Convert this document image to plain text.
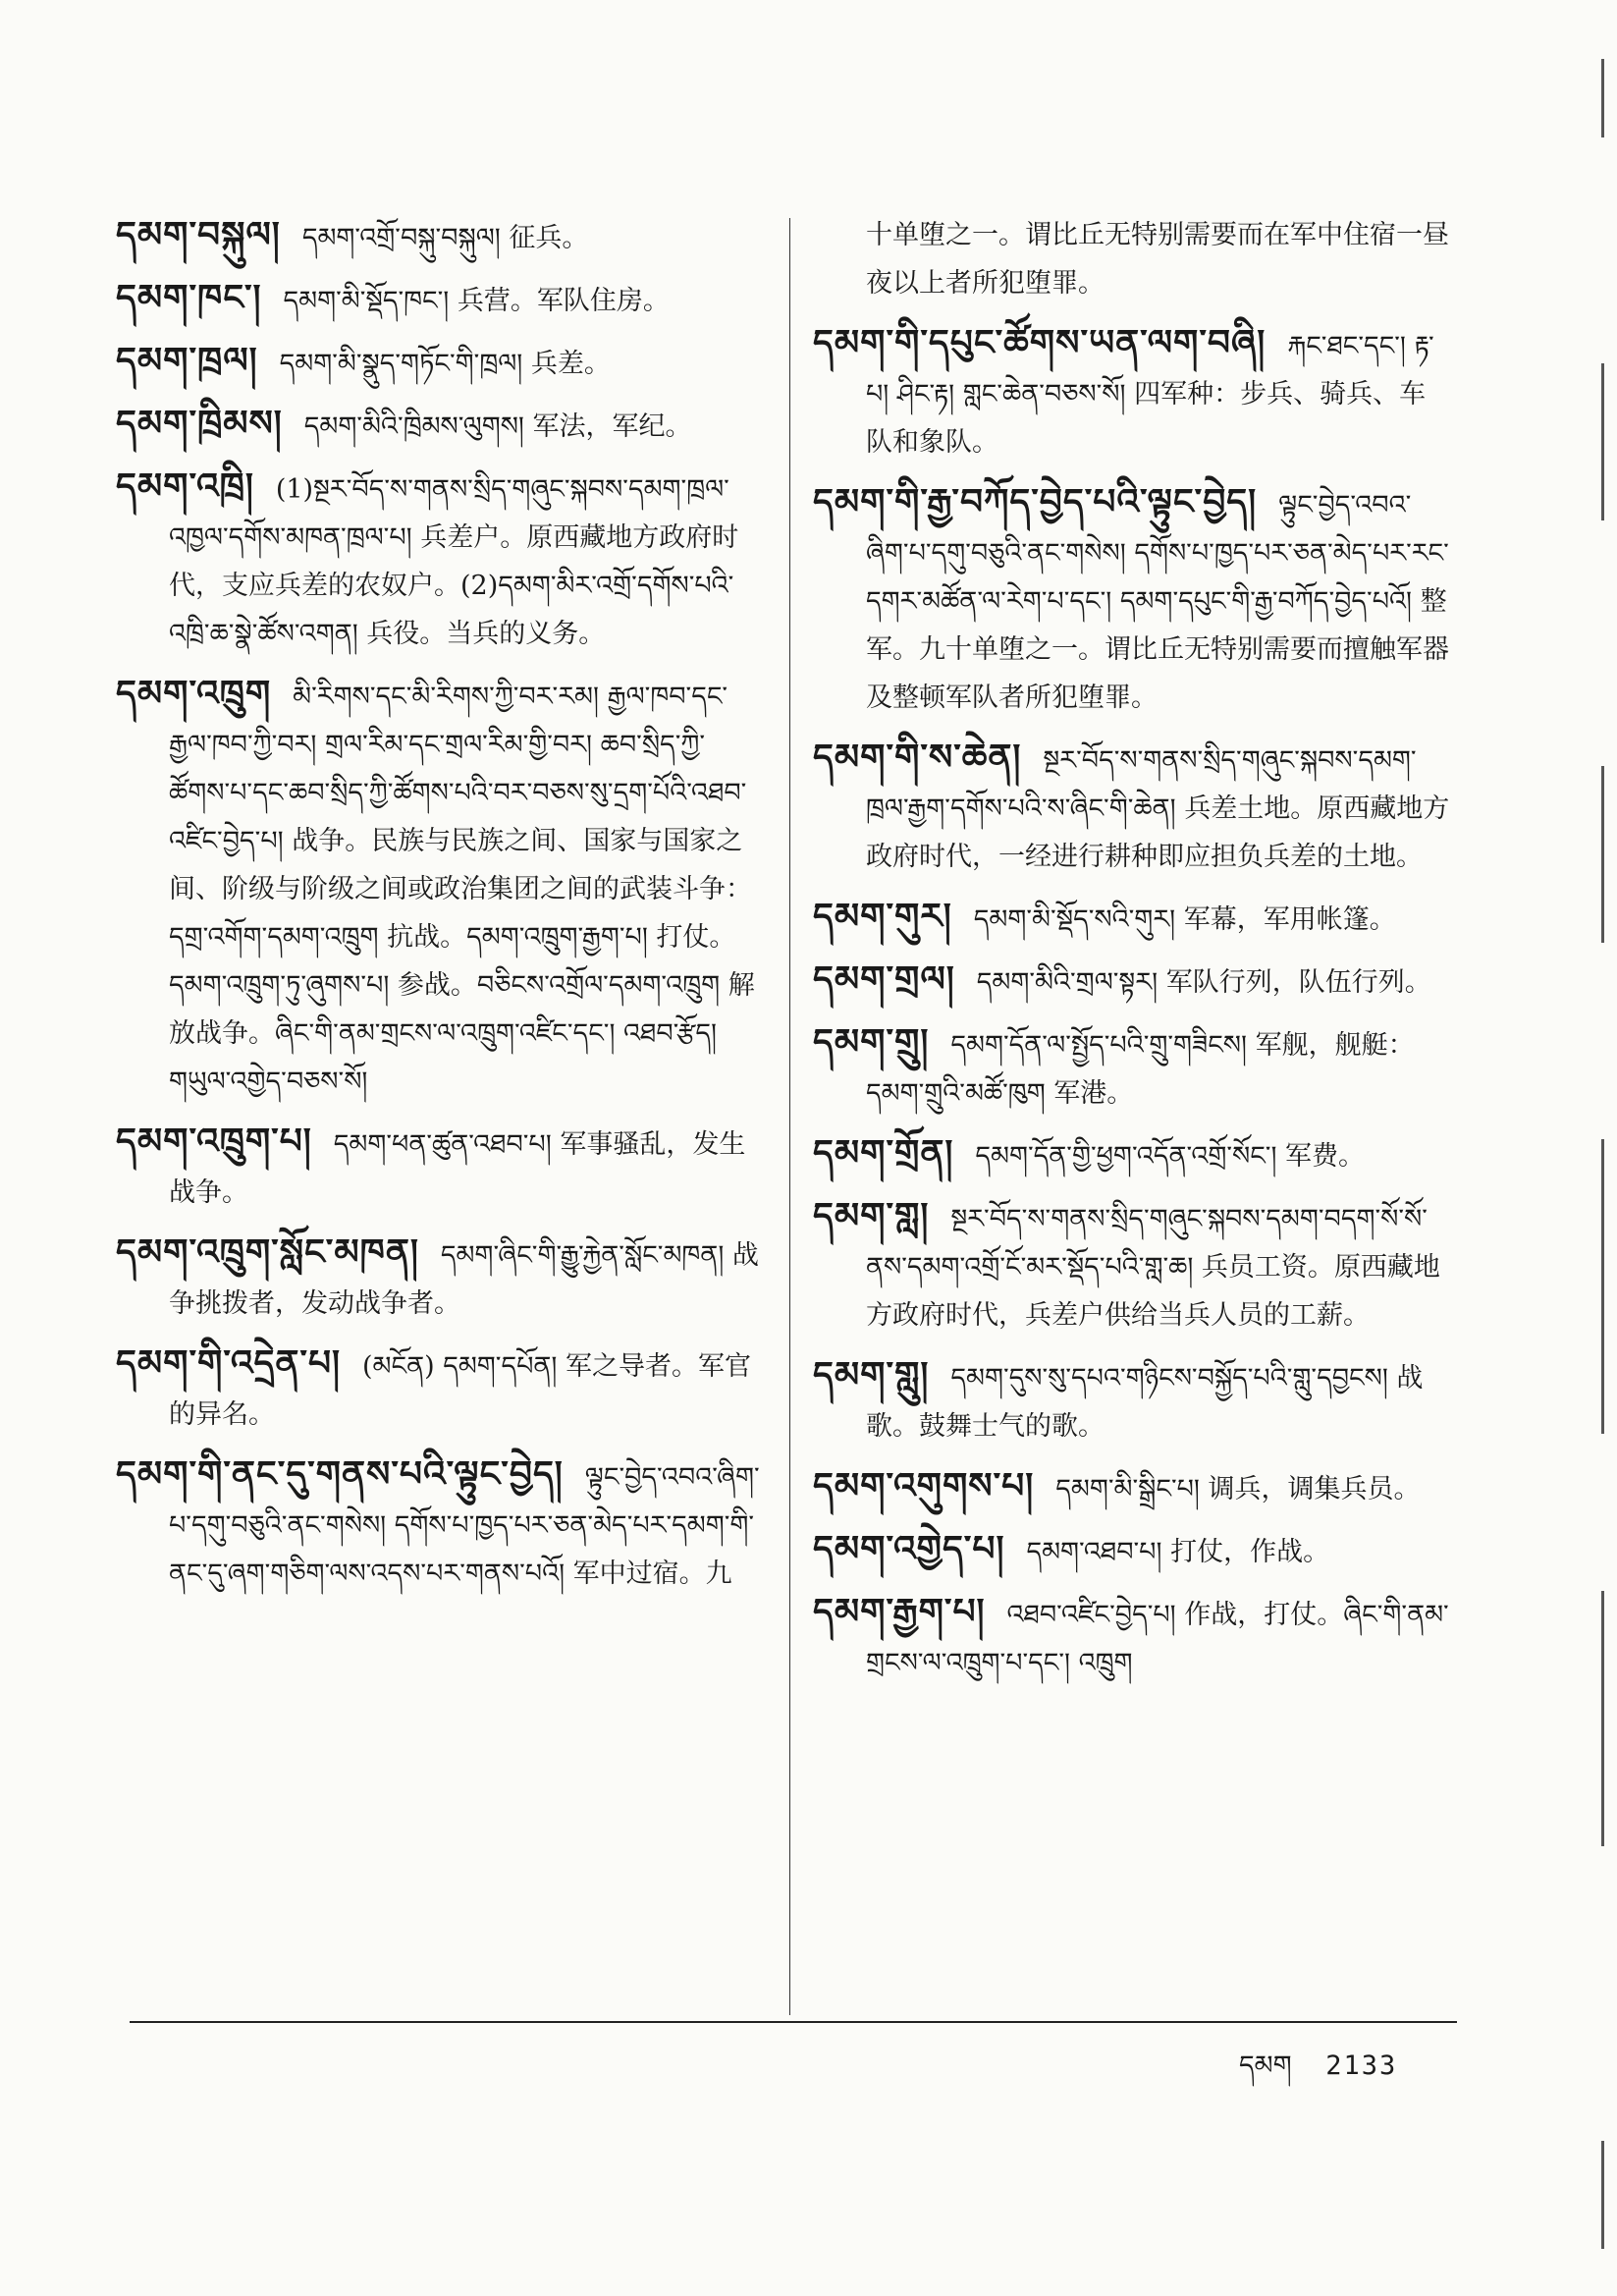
དམག་བསྐུལ། དམག་འགྲོ་བསྐུ་བསྐུལ། 征兵。
དམག་ཁང་། དམག་མི་སྡོད་ཁང་། 兵营。军队住房。
དམག་ཁྲལ། དམག་མི་སྣུད་གཏོང་གི་ཁྲལ། 兵差。
དམག་ཁྲིམས། དམག་མིའི་ཁྲིམས་ལུགས། 军法，军纪。
དམག་འཁྲི། (1)སྔར་བོད་ས་གནས་སྲིད་གཞུང་སྐབས་དམག་ཁྲལ་འཁྱལ་དགོས་མཁན་ཁྲལ་པ། 兵差户。原西藏地方政府时代，支应兵差的农奴户。(2)དམག་མིར་འགྲོ་དགོས་པའི་འཁྲི་ཆ་སྣེ་ཚོས་འགན། 兵役。当兵的义务。
དམག་འཁྲུག མི་རིགས་དང་མི་རིགས་ཀྱི་བར་རམ། རྒྱལ་ཁབ་དང་རྒྱལ་ཁབ་ཀྱི་བར། གྲལ་རིམ་དང་གྲལ་རིམ་གྱི་བར། ཆབ་སྲིད་ཀྱི་ཚོགས་པ་དང་ཆབ་སྲིད་ཀྱི་ཚོགས་པའི་བར་བཅས་སུ་དྲག་པོའི་འཐབ་འཛིང་བྱེད་པ། 战争。民族与民族之间、国家与国家之间、阶级与阶级之间或政治集团之间的武装斗争：དགྲ་འགོག་དམག་འཁྲུག 抗战。དམག་འཁྲུག་རྒྱག་པ། 打仗。དམག་འཁྲུག་ཏུ་ཞུགས་པ། 参战。བཅིངས་འགྲོལ་དམག་འཁྲུག 解放战争。ཞིང་གི་ནམ་གྲངས་ལ་འཁྲུག་འཛིང་དང་། འཐབ་རྩོད། གཡུལ་འགྱེད་བཅས་སོ།
དམག་འཁྲུག་པ། དམག་ཕན་ཚུན་འཐབ་པ། 军事骚乱，发生战争。
དམག་འཁྲུག་སློང་མཁན། དམག་ཞིང་གི་རྒྱུ་རྐྱེན་སློང་མཁན། 战争挑拨者，发动战争者。
དམག་གི་འདྲེན་པ། (མངོན) དམག་དཔོན། 军之导者。军官的异名。
དམག་གི་ནང་དུ་གནས་པའི་ལྟུང་བྱེད། ལྟུང་བྱེད་འབའ་ཞིག་པ་དགུ་བཅུའི་ནང་གསེས། དགོས་པ་ཁྱད་པར་ཅན་མེད་པར་དམག་གི་ནང་དུ་ཞག་གཅིག་ལས་འདས་པར་གནས་པའོ། 军中过宿。九
十单堕之一。谓比丘无特别需要而在军中住宿一昼夜以上者所犯堕罪。
དམག་གི་དཔུང་ཚོགས་ཡན་ལག་བཞི། རྐང་ཐང་དང་། རྟ་པ། ཤིང་རྟ། གླང་ཆེན་བཅས་སོ། 四军种：步兵、骑兵、车队和象队。
དམག་གི་རྒྱ་བཀོད་བྱེད་པའི་ལྟུང་བྱེད། ལྟུང་བྱེད་འབའ་ཞིག་པ་དགུ་བཅུའི་ནང་གསེས། དགོས་པ་ཁྱད་པར་ཅན་མེད་པར་རང་དགར་མཚོན་ལ་རེག་པ་དང་། དམག་དཔུང་གི་རྒྱ་བཀོད་བྱེད་པའོ། 整军。九十单堕之一。谓比丘无特别需要而擅触军器及整顿军队者所犯堕罪。
དམག་གི་ས་ཆེན། སྔར་བོད་ས་གནས་སྲིད་གཞུང་སྐབས་དམག་ཁྲལ་རྒྱག་དགོས་པའི་ས་ཞིང་གི་ཆེན། 兵差土地。原西藏地方政府时代，一经进行耕种即应担负兵差的土地。
དམག་གུར། དམག་མི་སྡོད་སའི་གུར། 军幕，军用帐篷。
དམག་གྲལ། དམག་མིའི་གྲལ་སྟར། 军队行列，队伍行列。
དམག་གྲུ། དམག་དོན་ལ་སྤྱོད་པའི་གྲུ་གཟིངས། 军舰，舰艇：དམག་གྲུའི་མཚོ་ཁུག 军港。
དམག་གྲོན། དམག་དོན་གྱི་ཕྱག་འདོན་འགྲོ་སོང་། 军费。
དམག་གླ། སྔར་བོད་ས་གནས་སྲིད་གཞུང་སྐབས་དམག་བདག་སོ་སོ་ནས་དམག་འགྲོ་ངོ་མར་སྡོད་པའི་གླ་ཆ། 兵员工资。原西藏地方政府时代，兵差户供给当兵人员的工薪。
དམག་གླུ། དམག་དུས་སུ་དཔའ་གཉིངས་བསྐྱོད་པའི་གླུ་དབྱངས། 战歌。鼓舞士气的歌。
དམག་འགུགས་པ། དམག་མི་སྒྲིང་པ། 调兵，调集兵员。
དམག་འགྱེད་པ། དམག་འཐབ་པ། 打仗，作战。
དམག་རྒྱག་པ། འཐབ་འཛིང་བྱེད་པ། 作战，打仗。ཞིང་གི་ནམ་གྲངས་ལ་འཁྲུག་པ་དང་། འཁྲུག
དམག 2133
